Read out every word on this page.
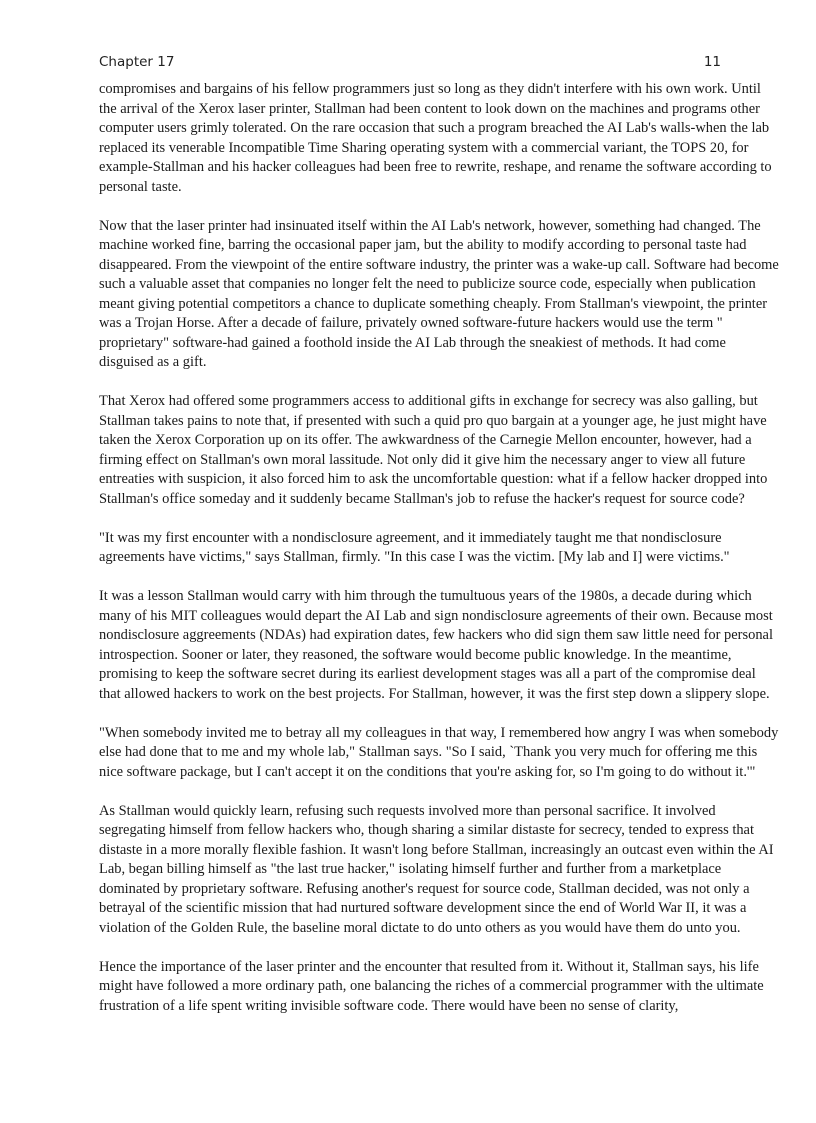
Chapter 17	11

compromises and bargains of his fellow programmers just so long as they didn't interfere with his own work. Until the arrival of the Xerox laser printer, Stallman had been content to look down on the machines and programs other computer users grimly tolerated. On the rare occasion that such a program breached the AI Lab's walls-when the lab replaced its venerable Incompatible Time Sharing operating system with a commercial variant, the TOPS 20, for example-Stallman and his hacker colleagues had been free to rewrite, reshape, and rename the software according to personal taste.

Now that the laser printer had insinuated itself within the AI Lab's network, however, something had changed. The machine worked fine, barring the occasional paper jam, but the ability to modify according to personal taste had disappeared. From the viewpoint of the entire software industry, the printer was a wake-up call. Software had become such a valuable asset that companies no longer felt the need to publicize source code, especially when publication meant giving potential competitors a chance to duplicate something cheaply. From Stallman's viewpoint, the printer was a Trojan Horse. After a decade of failure, privately owned software-future hackers would use the term " proprietary" software-had gained a foothold inside the AI Lab through the sneakiest of methods. It had come disguised as a gift.

That Xerox had offered some programmers access to additional gifts in exchange for secrecy was also galling, but Stallman takes pains to note that, if presented with such a quid pro quo bargain at a younger age, he just might have taken the Xerox Corporation up on its offer. The awkwardness of the Carnegie Mellon encounter, however, had a firming effect on Stallman's own moral lassitude. Not only did it give him the necessary anger to view all future entreaties with suspicion, it also forced him to ask the uncomfortable question: what if a fellow hacker dropped into Stallman's office someday and it suddenly became Stallman's job to refuse the hacker's request for source code?

"It was my first encounter with a nondisclosure agreement, and it immediately taught me that nondisclosure agreements have victims," says Stallman, firmly. "In this case I was the victim. [My lab and I] were victims."

It was a lesson Stallman would carry with him through the tumultuous years of the 1980s, a decade during which many of his MIT colleagues would depart the AI Lab and sign nondisclosure agreements of their own. Because most nondisclosure aggreements (NDAs) had expiration dates, few hackers who did sign them saw little need for personal introspection. Sooner or later, they reasoned, the software would become public knowledge. In the meantime, promising to keep the software secret during its earliest development stages was all a part of the compromise deal that allowed hackers to work on the best projects. For Stallman, however, it was the first step down a slippery slope.

"When somebody invited me to betray all my colleagues in that way, I remembered how angry I was when somebody else had done that to me and my whole lab," Stallman says. "So I said, `Thank you very much for offering me this nice software package, but I can't accept it on the conditions that you're asking for, so I'm going to do without it.'"

As Stallman would quickly learn, refusing such requests involved more than personal sacrifice. It involved segregating himself from fellow hackers who, though sharing a similar distaste for secrecy, tended to express that distaste in a more morally flexible fashion. It wasn't long before Stallman, increasingly an outcast even within the AI Lab, began billing himself as "the last true hacker," isolating himself further and further from a marketplace dominated by proprietary software. Refusing another's request for source code, Stallman decided, was not only a betrayal of the scientific mission that had nurtured software development since the end of World War II, it was a violation of the Golden Rule, the baseline moral dictate to do unto others as you would have them do unto you.

Hence the importance of the laser printer and the encounter that resulted from it. Without it, Stallman says, his life might have followed a more ordinary path, one balancing the riches of a commercial programmer with the ultimate frustration of a life spent writing invisible software code. There would have been no sense of clarity,
